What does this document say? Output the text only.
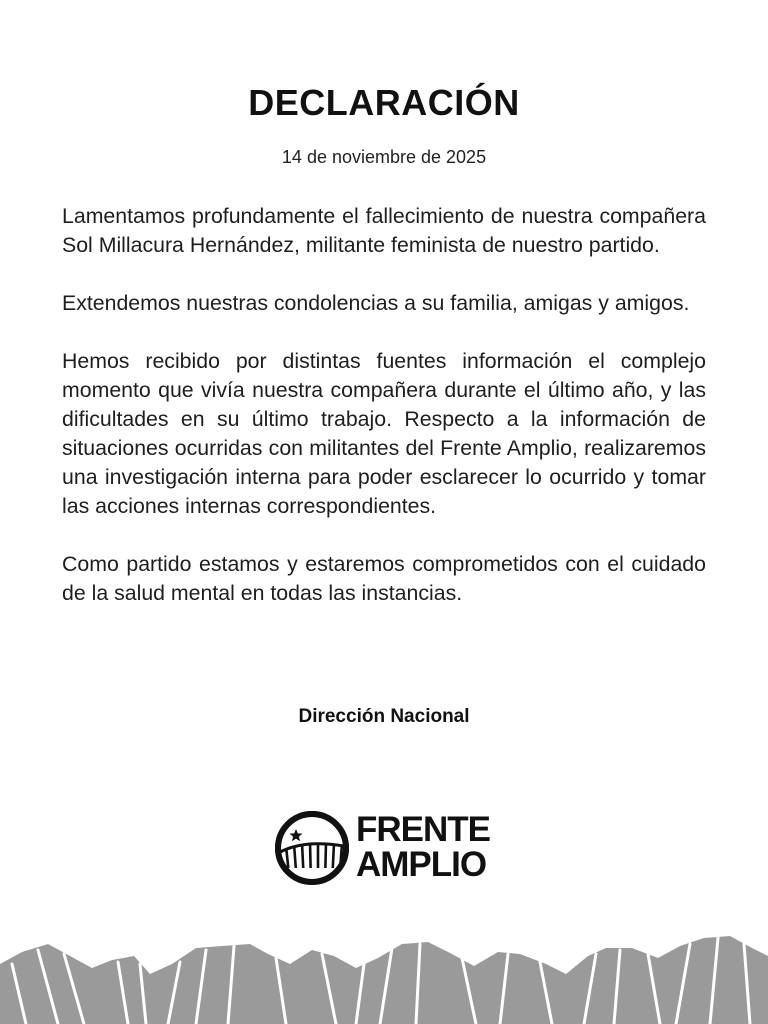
DECLARACIÓN
14 de noviembre de 2025

Lamentamos profundamente el fallecimiento de nuestra compañera Sol Millacura Hernández, militante feminista de nuestro partido.

Extendemos nuestras condolencias a su familia, amigas y amigos.

Hemos recibido por distintas fuentes información el complejo momento que vivía nuestra compañera durante el último año, y las dificultades en su último trabajo. Respecto a la información de situaciones ocurridas con militantes del Frente Amplio, realizaremos una investigación interna para poder esclarecer lo ocurrido y tomar las acciones internas correspondientes.

Como partido estamos y estaremos comprometidos con el cuidado de la salud mental en todas las instancias.

Dirección Nacional
FRENTE
AMPLIO
